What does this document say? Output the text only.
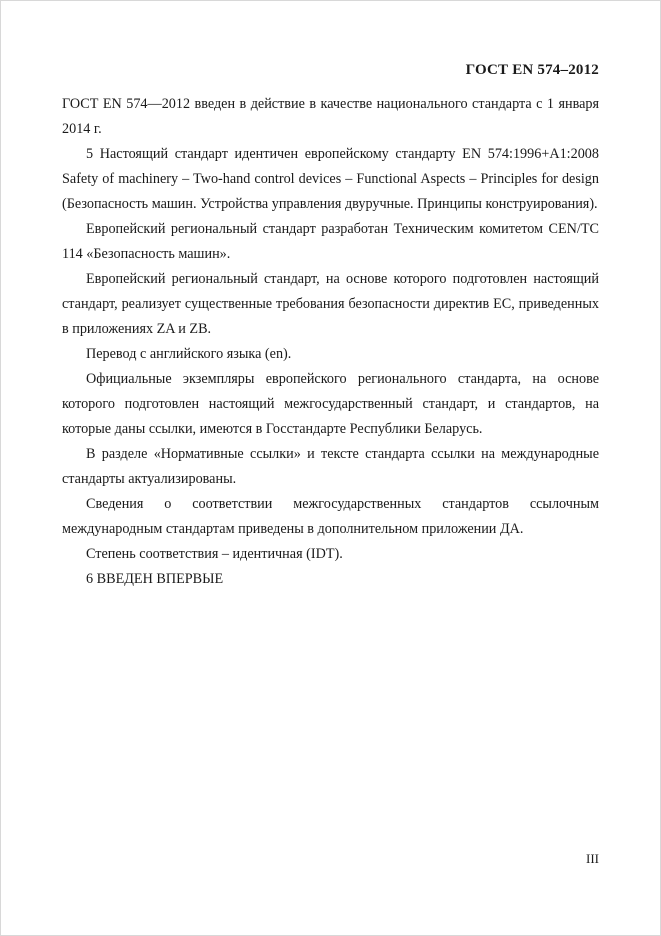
ГОСТ EN 574–2012

ГОСТ EN 574—2012 введен в действие в качестве национального стандарта с 1 января 2014 г.

5 Настоящий стандарт идентичен европейскому стандарту EN 574:1996+A1:2008 Safety of machinery – Two-hand control devices – Functional Aspects – Principles for design (Безопасность машин. Устройства управления двуручные. Принципы конструирования).

Европейский региональный стандарт разработан Техническим комитетом CEN/TC 114 «Безопасность машин».

Европейский региональный стандарт, на основе которого подготовлен настоящий стандарт, реализует существенные требования безопасности директив ЕС, приведенных в приложениях ZA и ZB.

Перевод с английского языка (en).

Официальные экземпляры европейского регионального стандарта, на основе которого подготовлен настоящий межгосударственный стандарт, и стандартов, на которые даны ссылки, имеются в Госстандарте Республики Беларусь.

В разделе «Нормативные ссылки» и тексте стандарта ссылки на международные стандарты актуализированы.

Сведения о соответствии межгосударственных стандартов ссылочным международным стандартам приведены в дополнительном приложении ДА.

Степень соответствия – идентичная (IDT).

6 ВВЕДЕН ВПЕРВЫЕ

III
